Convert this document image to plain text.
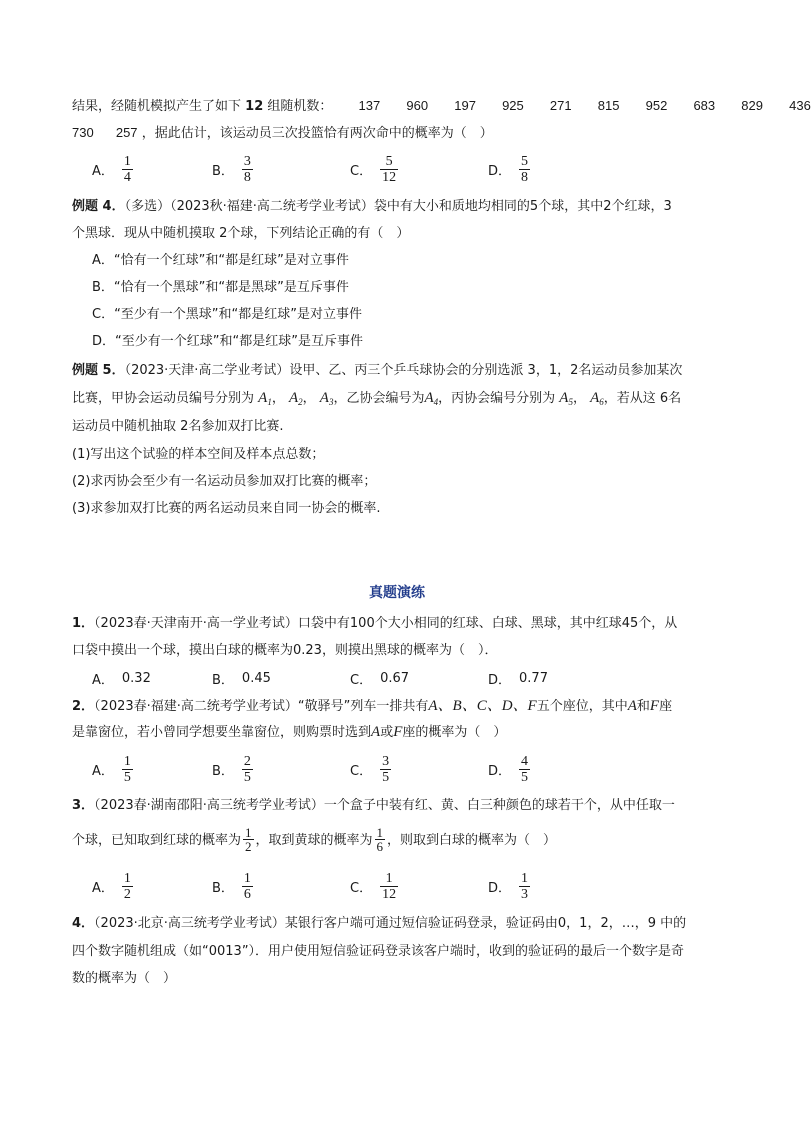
结果，经随机模拟产生了如下 12 组随机数： 137 960 197 925 271 815 952 683 829 436
730 257 ，据此估计，该运动员三次投篮恰有两次命中的概率为（　）
A． $\frac{1}{4}$	B． $\frac{3}{8}$	C． $\frac{5}{12}$	D． $\frac{5}{8}$
例题 4．（多选）（2023秋·福建·高二统考学业考试）袋中有大小和质地均相同的5个球，其中2个红球，3
个黑球．现从中随机摸取 2个球，下列结论正确的有（　）
A．“恰有一个红球”和“都是红球”是对立事件
B．“恰有一个黑球”和“都是黑球”是互斥事件
C．“至少有一个黑球”和“都是红球”是对立事件
D．“至少有一个红球”和“都是红球”是互斥事件
例题 5．（2023·天津·高二学业考试）设甲、乙、丙三个乒乓球协会的分别选派 3，1，2名运动员参加某次
比赛，甲协会运动员编号分别为 $A_1$， $A_2$， $A_3$，乙协会编号为$A_4$，丙协会编号分别为 $A_5$， $A_6$，若从这 6名
运动员中随机抽取 2名参加双打比赛.
(1)写出这个试验的样本空间及样本点总数；
(2)求丙协会至少有一名运动员参加双打比赛的概率；
(3)求参加双打比赛的两名运动员来自同一协会的概率.
真题演练
1．（2023春·天津南开·高一学业考试）口袋中有100个大小相同的红球、白球、黑球，其中红球45个，从
口袋中摸出一个球，摸出白球的概率为0.23，则摸出黑球的概率为（　）．
A． 0.32	B． 0.45	C． 0.67	D． 0.77
2．（2023春·福建·高二统考学业考试）“敬驿号”列车一排共有A、B、C、D、F五个座位，其中A和F座
是靠窗位，若小曾同学想要坐靠窗位，则购票时选到A或F座的概率为（　）
A． $\frac{1}{5}$	B． $\frac{2}{5}$	C． $\frac{3}{5}$	D． $\frac{4}{5}$
3．（2023春·湖南邵阳·高三统考学业考试）一个盒子中装有红、黄、白三种颜色的球若干个，从中任取一
个球，已知取到红球的概率为 $\frac{1}{2}$ ，取到黄球的概率为 $\frac{1}{6}$ ，则取到白球的概率为（　）
A． $\frac{1}{2}$	B． $\frac{1}{6}$	C． $\frac{1}{12}$	D． $\frac{1}{3}$
4．（2023·北京·高三统考学业考试）某银行客户端可通过短信验证码登录，验证码由0，1，2，…，9 中的
四个数字随机组成（如“0013”）．用户使用短信验证码登录该客户端时，收到的验证码的最后一个数字是奇
数的概率为（　）
